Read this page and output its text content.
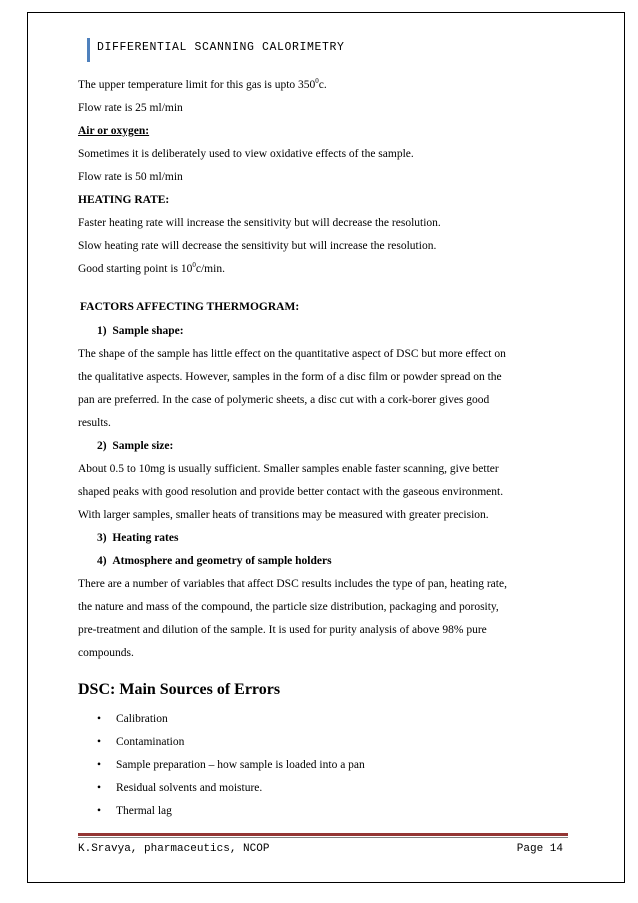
DIFFERENTIAL SCANNING CALORIMETRY
The upper temperature limit for this gas is upto $350^0c$.
Flow rate is 25 ml/min
Air or oxygen:
Sometimes it is deliberately used to view oxidative effects of the sample.
Flow rate is 50 ml/min
HEATING RATE:
Faster heating rate will increase the sensitivity but will decrease the resolution.
Slow heating rate will decrease the sensitivity but will increase the resolution.
Good starting point is $10^0c/\min$.
FACTORS AFFECTING THERMOGRAM:
1) Sample shape:
The shape of the sample has little effect on the quantitative aspect of DSC but more effect on
the qualitative aspects. However, samples in the form of a disc film or powder spread on the
pan are preferred. In the case of polymeric sheets, a disc cut with a cork-borer gives good
results.
2) Sample size:
About 0.5 to 10mg is usually sufficient. Smaller samples enable faster scanning, give better
shaped peaks with good resolution and provide better contact with the gaseous environment.
With larger samples, smaller heats of transitions may be measured with greater precision.
3) Heating rates
4) Atmosphere and geometry of sample holders
There are a number of variables that affect DSC results includes the type of pan, heating rate,
the nature and mass of the compound, the particle size distribution, packaging and porosity,
pre-treatment and dilution of the sample. It is used for purity analysis of above 98% pure
compounds.
DSC: Main Sources of Errors
• Calibration
• Contamination
• Sample preparation – how sample is loaded into a pan
• Residual solvents and moisture.
• Thermal lag
K.Sravya, pharmaceutics, NCOP	Page 14
